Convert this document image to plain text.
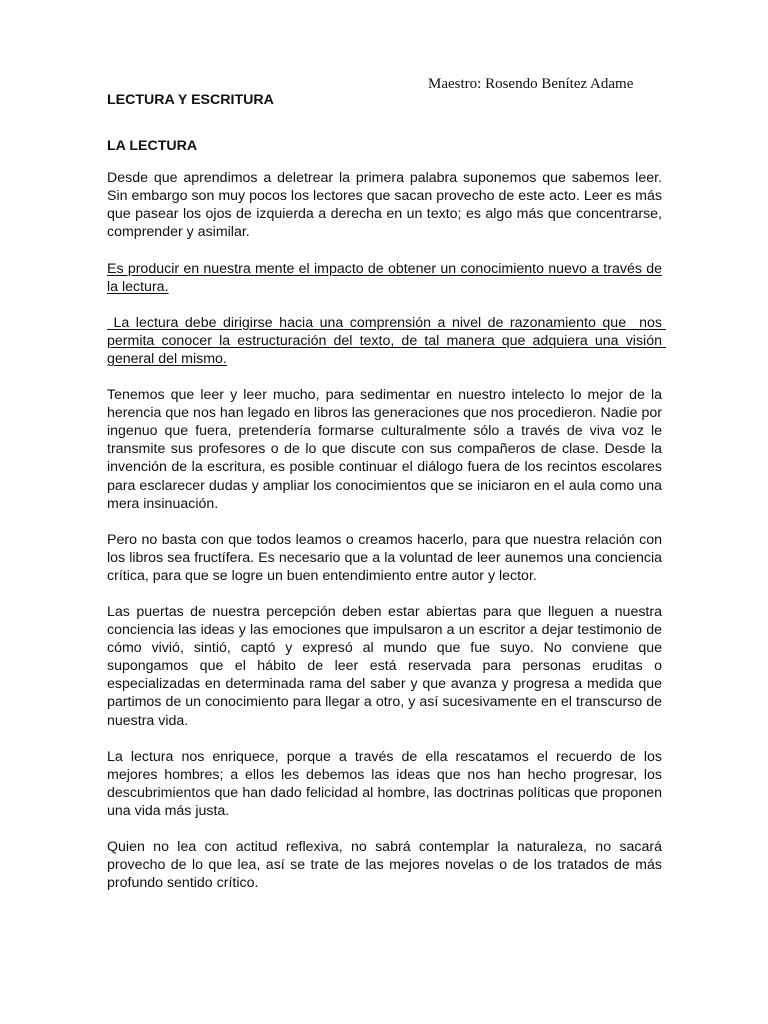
Maestro: Rosendo Benítez Adame
LECTURA Y ESCRITURA
LA LECTURA

Desde que aprendimos a deletrear la primera palabra suponemos que sabemos leer. Sin embargo son muy pocos los lectores que sacan provecho de este acto. Leer es más que pasear los ojos de izquierda a derecha en un texto; es algo más que concentrarse, comprender y asimilar.

Es producir en nuestra mente el impacto de obtener un conocimiento nuevo a través de la lectura.

La lectura debe dirigirse hacia una comprensión a nivel de razonamiento que  nos permita conocer la estructuración del texto, de tal manera que adquiera una visión general del mismo.

Tenemos que leer y leer mucho, para sedimentar en nuestro intelecto lo mejor de la herencia que nos han legado en libros las generaciones que nos procedieron. Nadie por ingenuo que fuera, pretendería formarse culturalmente sólo a través de viva voz le transmite sus profesores o de lo que discute con sus compañeros de clase. Desde la invención de la escritura, es posible continuar el diálogo fuera de los recintos escolares para esclarecer dudas y ampliar los conocimientos que se iniciaron en el aula como una mera insinuación.

Pero no basta con que todos leamos o creamos hacerlo, para que nuestra relación con los libros sea fructífera. Es necesario que a la voluntad de leer aunemos una conciencia crítica, para que se logre un buen entendimiento entre autor y lector.

Las puertas de nuestra percepción deben estar abiertas para que lleguen a nuestra conciencia las ideas y las emociones que impulsaron a un escritor a dejar testimonio de cómo vivió, sintió, captó y expresó al mundo que fue suyo. No conviene que supongamos que el hábito de leer está reservada para personas eruditas o especializadas en determinada rama del saber y que avanza y progresa a medida que partimos de un conocimiento para llegar a otro, y así sucesivamente en el transcurso de nuestra vida.

La lectura nos enriquece, porque a través de ella rescatamos el recuerdo de los mejores hombres; a ellos les debemos las ideas que nos han hecho progresar, los descubrimientos que han dado felicidad al hombre, las doctrinas políticas que proponen una vida más justa.

Quien no lea con actitud reflexiva, no sabrá contemplar la naturaleza, no sacará provecho de lo que lea, así se trate de las mejores novelas o de los tratados de más profundo sentido crítico.
